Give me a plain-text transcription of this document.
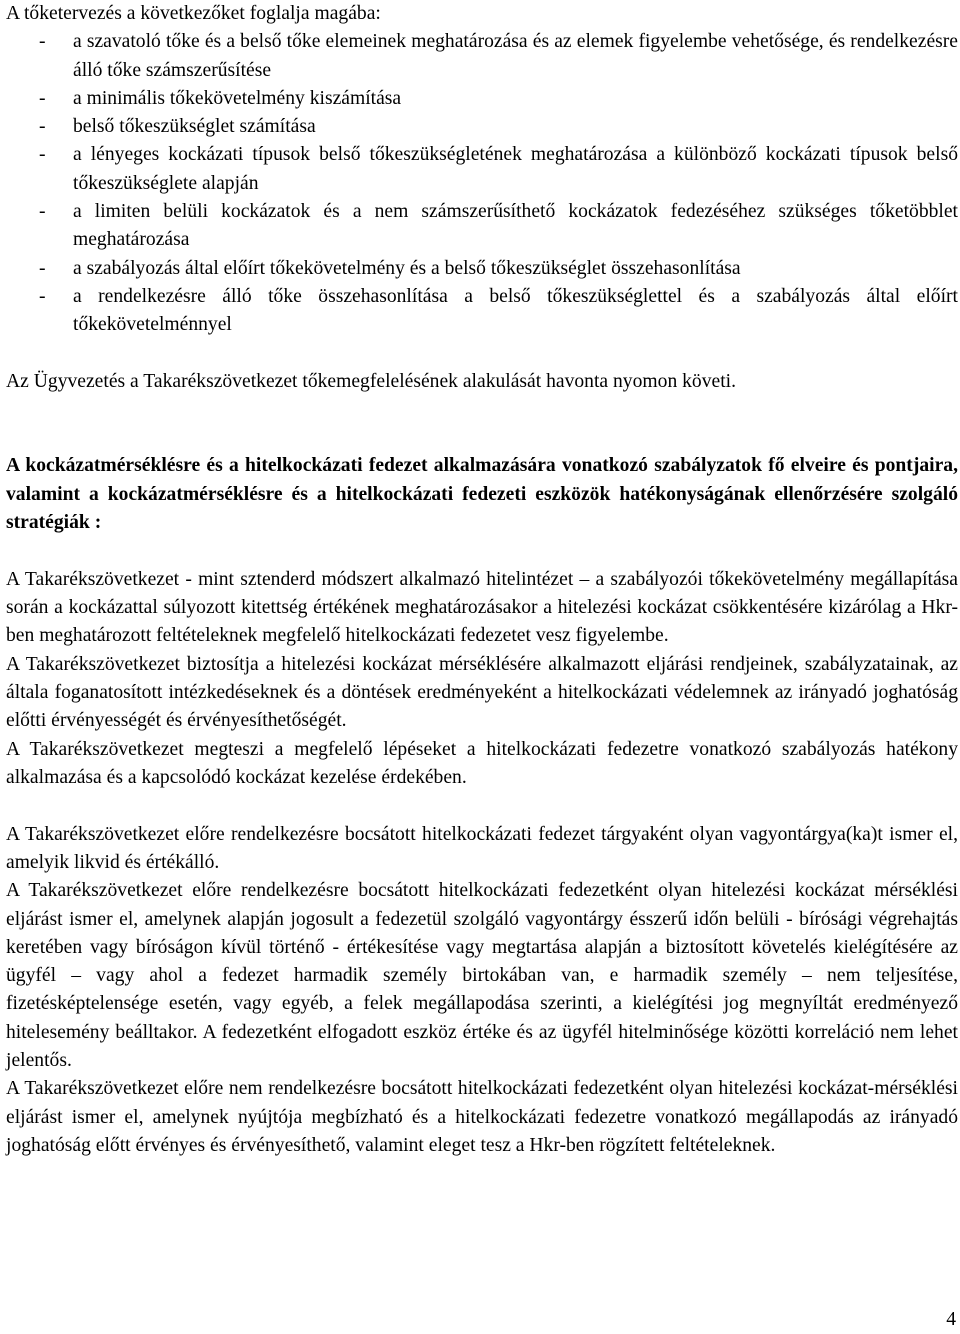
A tőketervezés a következőket foglalja magába:

- a szavatoló tőke és a belső tőke elemeinek meghatározása és az elemek figyelembe vehetősége, és rendelkezésre álló tőke számszerűsítése
- a minimális tőkekövetelmény kiszámítása
- belső tőkeszükséglet számítása
- a lényeges kockázati típusok belső tőkeszükségletének meghatározása a különböző kockázati típusok belső tőkeszükséglete alapján
- a limiten belüli kockázatok és a nem számszerűsíthető kockázatok fedezéséhez szükséges tőketöbblet meghatározása
- a szabályozás által előírt tőkekövetelmény és a belső tőkeszükséglet összehasonlítása
- a rendelkezésre álló tőke összehasonlítása a belső tőkeszükséglettel és a szabályozás által előírt tőkekövetelménnyel

Az Ügyvezetés a Takarékszövetkezet tőkemegfelelésének alakulását havonta nyomon követi.

A kockázatmérséklésre és a hitelkockázati fedezet alkalmazására vonatkozó szabályzatok fő elveire és pontjaira, valamint a kockázatmérséklésre és a hitelkockázati fedezeti eszközök hatékonyságának ellenőrzésére szolgáló stratégiák :

A Takarékszövetkezet - mint sztenderd módszert alkalmazó hitelintézet – a szabályozói tőkekövetelmény megállapítása során a kockázattal súlyozott kitettség értékének meghatározásakor a hitelezési kockázat csökkentésére kizárólag a Hkr-ben meghatározott feltételeknek megfelelő hitelkockázati fedezetet vesz figyelembe.

A Takarékszövetkezet biztosítja a hitelezési kockázat mérséklésére alkalmazott eljárási rendjeinek, szabályzatainak, az általa foganatosított intézkedéseknek és a döntések eredményeként a hitelkockázati védelemnek az irányadó joghatóság előtti érvényességét és érvényesíthetőségét.

A Takarékszövetkezet megteszi a megfelelő lépéseket a hitelkockázati fedezetre vonatkozó szabályozás hatékony alkalmazása és a kapcsolódó kockázat kezelése érdekében.

A Takarékszövetkezet előre rendelkezésre bocsátott hitelkockázati fedezet tárgyaként olyan vagyontárgya(ka)t ismer el, amelyik likvid és értékálló.

A Takarékszövetkezet előre rendelkezésre bocsátott hitelkockázati fedezetként olyan hitelezési kockázat mérséklési eljárást ismer el, amelynek alapján jogosult a fedezetül szolgáló vagyontárgy ésszerű időn belüli - bírósági végrehajtás keretében vagy bíróságon kívül történő - értékesítése vagy megtartása alapján a biztosított követelés kielégítésére az ügyfél – vagy ahol a fedezet harmadik személy birtokában van, e harmadik személy – nem teljesítése, fizetésképtelensége esetén, vagy egyéb, a felek megállapodása szerinti, a kielégítési jog megnyíltát eredményező hitelesemény beálltakor. A fedezetként elfogadott eszköz értéke és az ügyfél hitelminősége közötti korreláció nem lehet jelentős.

A Takarékszövetkezet előre nem rendelkezésre bocsátott hitelkockázati fedezetként olyan hitelezési kockázat-mérséklési eljárást ismer el, amelynek nyújtója megbízható és a hitelkockázati fedezetre vonatkozó megállapodás az irányadó joghatóság előtt érvényes és érvényesíthető, valamint eleget tesz a Hkr-ben rögzített feltételeknek.

4
